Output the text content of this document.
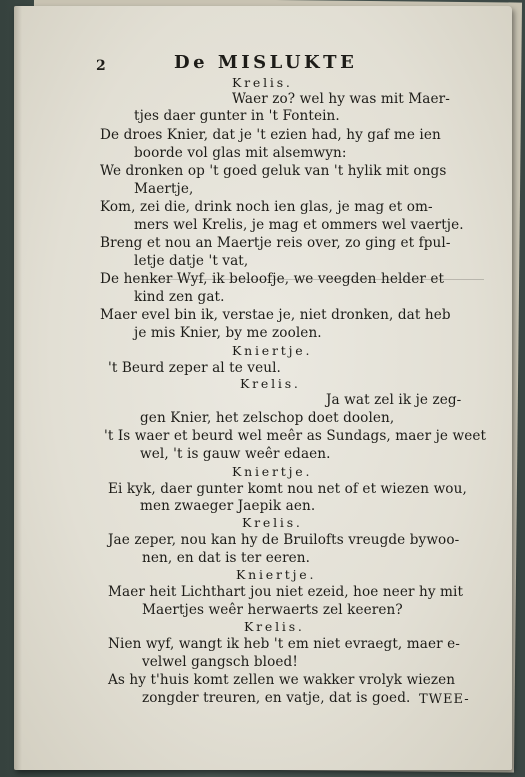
2	De MISLUKTE
Krelis.
Waer zo? wel hy was mit Maer-
tjes daer gunter in 't Fontein.
De droes Knier, dat je 't ezien had, hy gaf me ien
boorde vol glas mit alsemwyn:
We dronken op 't goed geluk van 't hylik mit ongs
Maertje,
Kom, zei die, drink noch ien glas, je mag et om-
mers wel Krelis, je mag et ommers wel vaertje.
Breng et nou an Maertje reis over, zo ging et fpul-
letje datje 't vat,
De henker Wyf, ik beloofje, we veegden helder et
kind zen gat.
Maer evel bin ik, verstae je, niet dronken, dat heb
je mis Knier, by me zoolen.
Kniertje.
't Beurd zeper al te veul.
Krelis.
Ja wat zel ik je zeg-
gen Knier, het zelschop doet doolen,
't Is waer et beurd wel meêr as Sundags, maer je weet
wel, 't is gauw weêr edaen.
Kniertje.
Ei kyk, daer gunter komt nou net of et wiezen wou,
men zwaeger Jaepik aen.
Krelis.
Jae zeper, nou kan hy de Bruilofts vreugde bywoo-
nen, en dat is ter eeren.
Kniertje.
Maer heit Lichthart jou niet ezeid, hoe neer hy mit
Maertjes weêr herwaerts zel keeren?
Krelis.
Nien wyf, wangt ik heb 't em niet evraegt, maer e-
velwel gangsch bloed!
As hy t'huis komt zellen we wakker vrolyk wiezen
zongder treuren, en vatje, dat is goed. TWEE-
